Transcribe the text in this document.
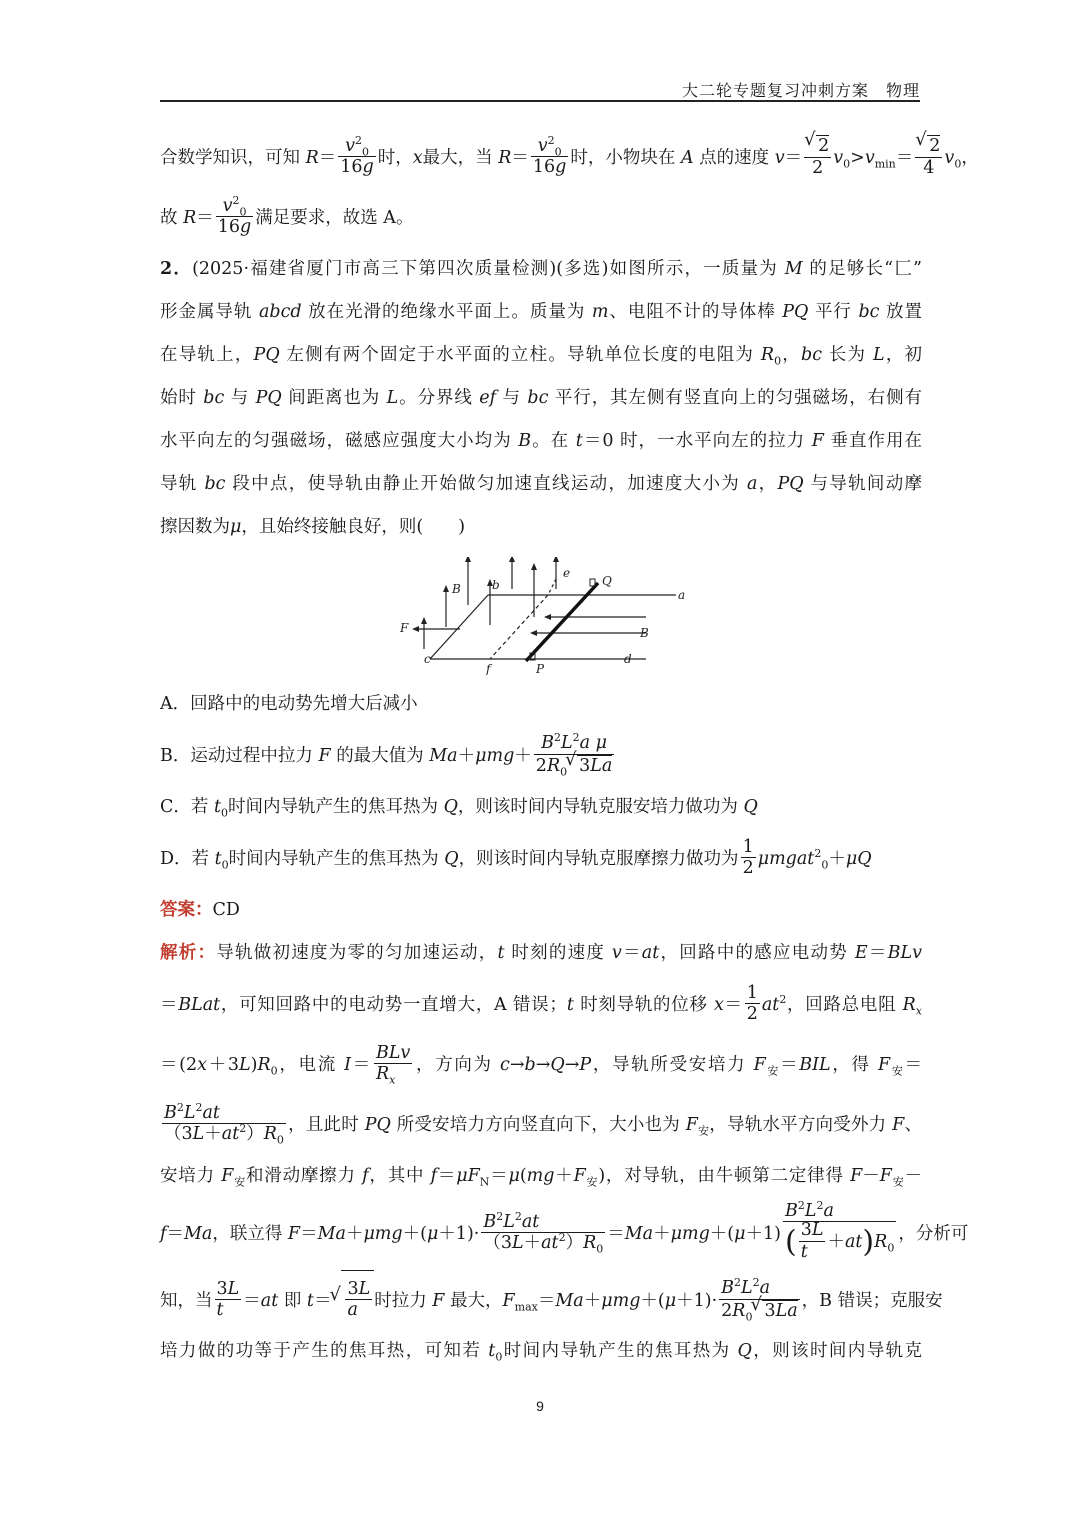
大二轮专题复习冲刺方案　物理
合数学知识，可知 $R= \frac{v^2_0}{16g}$ 时，x最大，当 $R= \frac{v^2_0}{16g}$ 时，小物块在 A 点的速度 v＝ √ $\frac{2}{2} v_0>v_{min}=$ √ $\frac{2}{4} v_0$，
故 $R= \frac{v^2_0}{16g}$ 满足要求，故选 A。
2．(2025·福建省厦门市高三下第四次质量检测)(多选)如图所示，一质量为 M 的足够长“匚”
形金属导轨 abcd 放在光滑的绝缘水平面上。质量为 m、电阻不计的导体棒 PQ 平行 bc 放置
在导轨上，PQ 左侧有两个固定于水平面的立柱。导轨单位长度的电阻为 $R_0$，bc 长为 L，初
始时 bc 与 PQ 间距离也为 L。分界线 ef 与 bc 平行，其左侧有竖直向上的匀强磁场，右侧有
水平向左的匀强磁场，磁感应强度大小均为 B。在 t＝0 时，一水平向左的拉力 F 垂直作用在
导轨 bc 段中点，使导轨由静止开始做匀加速直线运动，加速度大小为 a，PQ 与导轨间动摩
擦因数为μ，且始终接触良好，则(　　)
B	b
e
Q
a
F	B
c
f	P
d
A．回路中的电动势先增大后减小
B．运动过程中拉力 F 的最大值为 $Ma+\mu mg+ \frac{B^2L^2a \mu}{2R_0 √ 3La}$
C．若 $t_0$时间内导轨产生的焦耳热为 Q，则该时间内导轨克服安培力做功为 Q
D．若 $t_0$时间内导轨产生的焦耳热为 Q，则该时间内导轨克服摩擦力做功为 $\frac{1}{2}$ μmgat$^2_0$＋μQ
答案：CD
解析：导轨做初速度为零的匀加速运动，t 时刻的速度 v＝at，回路中的感应电动势 E＝BLv
＝BLat，可知回路中的电动势一直增大，A 错误；t 时刻导轨的位移 $x= \frac{1}{2} at^2$，回路总电阻 $R_x$
$=(2x+3L)R_0$，电流 $I= \frac{\text{BLv}}{R_x}$ ，方向为 c→b→Q→P，导轨所受安培力 $F_安=BIL$，得 $F_安=$
$\frac{B^2L^2at}{(3L+at^2)R_0}$ ，且此时 PQ 所受安培力方向竖直向下，大小也为 $F_安$，导轨水平方向受外力 F、
安培力 $F_安$和滑动摩擦力 f，其中 $f=\mu F_N=\mu(mg+F_安)$，对导轨，由牛顿第二定律得 $F-F_安-$
f＝Ma，联立得 $F=Ma+\mu mg+(\mu+1)\cdot \frac{B^2L^2at}{(3L+at^2)R_0} =Ma+\mu mg+(\mu+1) \frac{B^2L^2a}{( \frac{3L}{t} +at)R_0}$ ，分析可
知，当 $\frac{3L}{t} =at$ 即 t＝ √ $\frac{3L}{a}$ 时拉力 F 最大，$F_{max}=Ma+\mu mg+(\mu+1)\cdot \frac{B^2L^2a}{2R_0 √ 3La}$ ，B 错误；克服安
培力做的功等于产生的焦耳热，可知若 $t_0$时间内导轨产生的焦耳热为 Q，则该时间内导轨克
9
